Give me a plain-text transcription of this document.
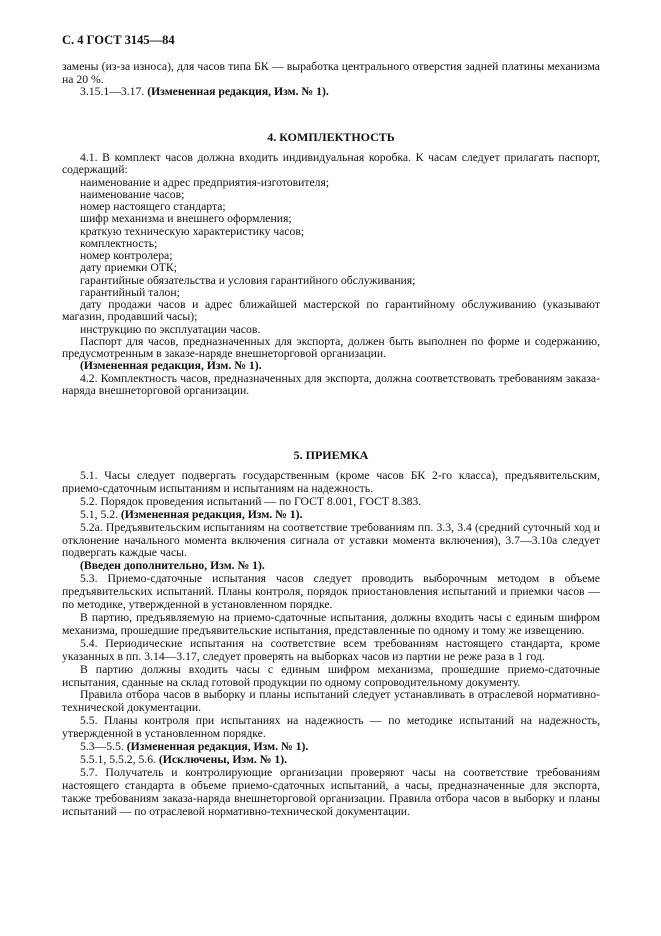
С. 4 ГОСТ 3145—84

замены (из-за износа), для часов типа БК — выработка центрального отверстия задней платины механизма на 20 %.

3.15.1—3.17. (Измененная редакция, Изм. № 1).

4. КОМПЛЕКТНОСТЬ

4.1. В комплект часов должна входить индивидуальная коробка. К часам следует прилагать паспорт, содержащий:

наименование и адрес предприятия-изготовителя;

наименование часов;

номер настоящего стандарта;

шифр механизма и внешнего оформления;

краткую техническую характеристику часов;

комплектность;

номер контролера;

дату приемки ОТК;

гарантийные обязательства и условия гарантийного обслуживания;

гарантийный талон;

дату продажи часов и адрес ближайшей мастерской по гарантийному обслуживанию (указывают магазин, продавший часы);

инструкцию по эксплуатации часов.

Паспорт для часов, предназначенных для экспорта, должен быть выполнен по форме и содержанию, предусмотренным в заказе-наряде внешнеторговой организации.

(Измененная редакция, Изм. № 1).

4.2. Комплектность часов, предназначенных для экспорта, должна соответствовать требованиям заказа-наряда внешнеторговой организации.

5. ПРИЕМКА

5.1. Часы следует подвергать государственным (кроме часов БК 2-го класса), предъявительским, приемо-сдаточным испытаниям и испытаниям на надежность.

5.2. Порядок проведения испытаний — по ГОСТ 8.001, ГОСТ 8.383.

5.1, 5.2. (Измененная редакция, Изм. № 1).

5.2а. Предъявительским испытаниям на соответствие требованиям пп. 3.3, 3.4 (средний суточный ход и отклонение начального момента включения сигнала от уставки момента включения), 3.7—3.10а следует подвергать каждые часы.

(Введен дополнительно, Изм. № 1).

5.3. Приемо-сдаточные испытания часов следует проводить выборочным методом в объеме предъявительских испытаний. Планы контроля, порядок приостановления испытаний и приемки часов — по методике, утвержденной в установленном порядке.

В партию, предъявляемую на приемо-сдаточные испытания, должны входить часы с единым шифром механизма, прошедшие предъявительские испытания, представленные по одному и тому же извещению.

5.4. Периодические испытания на соответствие всем требованиям настоящего стандарта, кроме указанных в пп. 3.14—3.17, следует проверять на выборках часов из партии не реже раза в 1 год.

В партию должны входить часы с единым шифром механизма, прошедшие приемо-сдаточные испытания, сданные на склад готовой продукции по одному сопроводительному документу.

Правила отбора часов в выборку и планы испытаний следует устанавливать в отраслевой нормативно-технической документации.

5.5. Планы контроля при испытаниях на надежность — по методике испытаний на надежность, утвержденной в установленном порядке.

5.3—5.5. (Измененная редакция, Изм. № 1).

5.5.1, 5.5.2, 5.6. (Исключены, Изм. № 1).

5.7. Получатель и контролирующие организации проверяют часы на соответствие требованиям настоящего стандарта в объеме приемо-сдаточных испытаний, а часы, предназначенные для экспорта, также требованиям заказа-наряда внешнеторговой организации. Правила отбора часов в выборку и планы испытаний — по отраслевой нормативно-технической документации.
